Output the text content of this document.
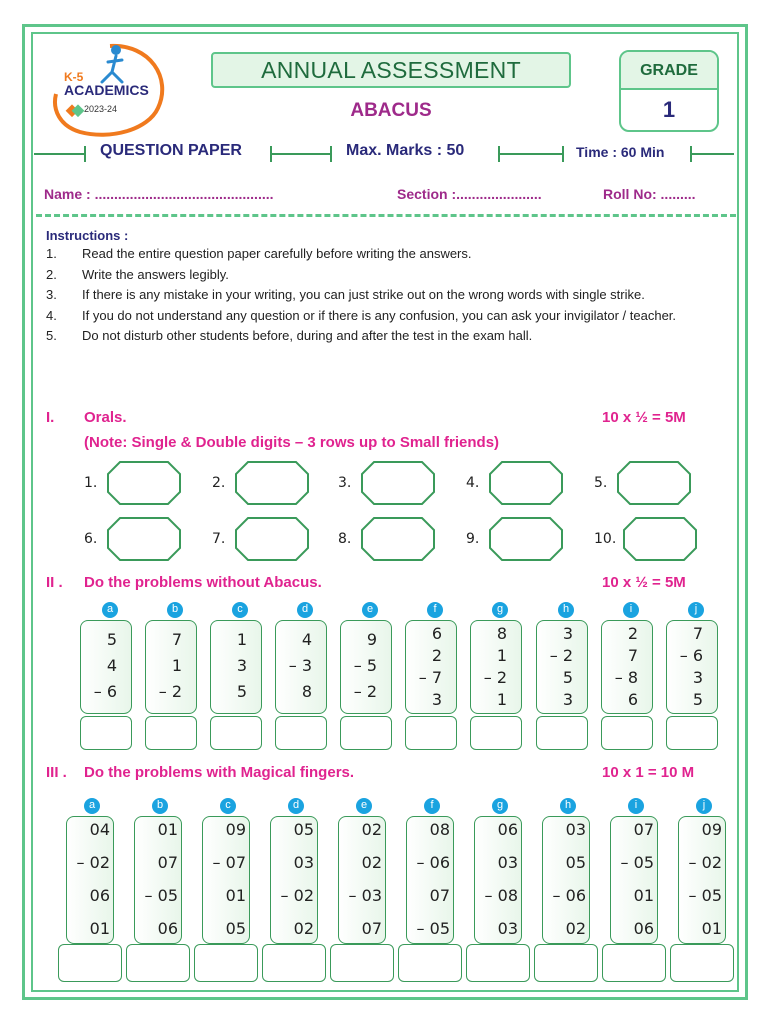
K-5
ACADEMICS
2023-24
ANNUAL ASSESSMENT
ABACUS
GRADE
1
QUESTION PAPER	Max. Marks : 50	Time : 60 Min
Name : ..............................................	Section :......................	Roll No: .........
Instructions :
1.	Read the entire question paper carefully before writing the answers.
2.	Write the answers legibly.
3.	If there is any mistake in your writing, you can just strike out on the wrong words with single strike.
4.	If you do not understand any question or if there is any confusion, you can ask your invigilator / teacher.
5.	Do not disturb other students before, during and after the test in the exam hall.
I. Orals.	10 x ½ = 5M
(Note: Single & Double digits – 3 rows up to Small friends)
1.	2.	3.	4.	5.
6.	7.	8.	9.	10.
II . Do the problems without Abacus.	10 x ½ = 5M
a
5
4
– 6
b
7
1
– 2
c
1
3
5
d
4
– 3
8
e
9
– 5
– 2
f
6
2
– 7
3
g
8
1
– 2
1
h
3
– 2
5
3
i
2
7
– 8
6
j
7
– 6
3
5
III . Do the problems with Magical fingers.	10 x 1 = 10 M
a
04
– 02
06
01
b
01
07
– 05
06
c
09
– 07
01
05
d
05
03
– 02
02
e
02
02
– 03
07
f
08
– 06
07
– 05
g
06
03
– 08
03
h
03
05
– 06
02
i
07
– 05
01
06
j
09
– 02
– 05
01
